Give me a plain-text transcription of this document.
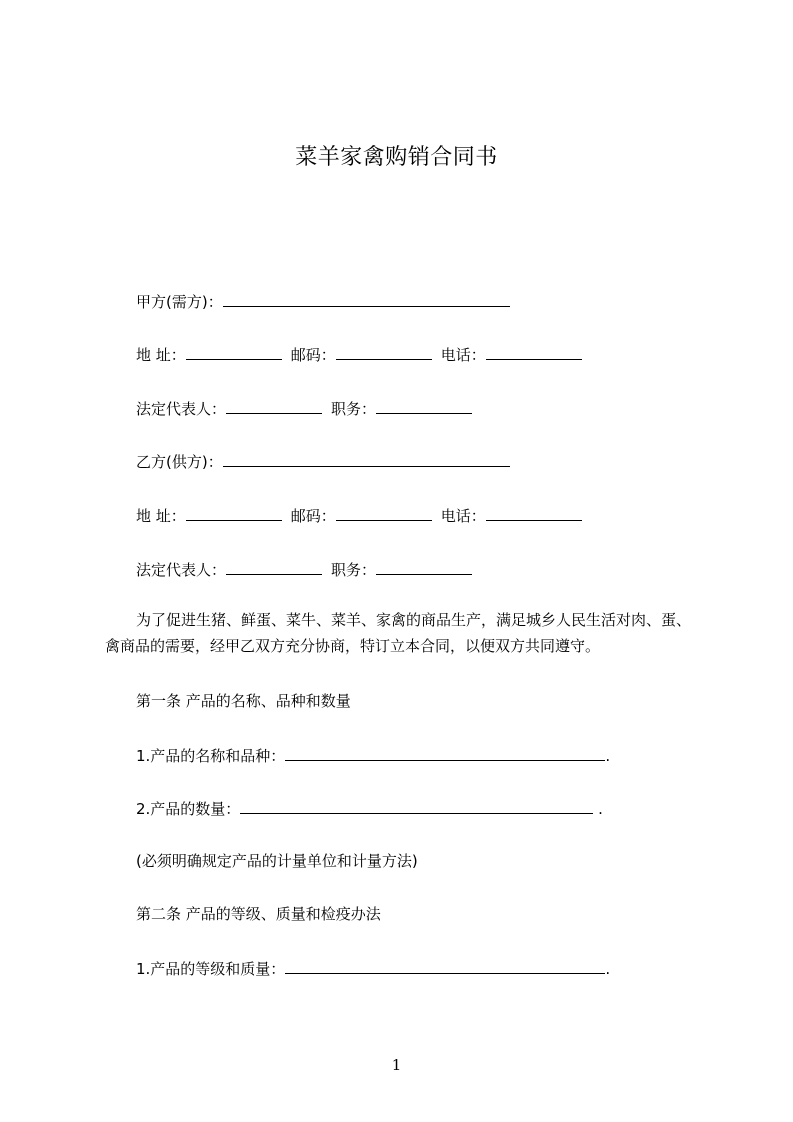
菜羊家禽购销合同书
甲方(需方)：
地 址：	邮码：	电话：
法定代表人：	职务：
乙方(供方)：
地 址：	邮码：	电话：
法定代表人：	职务：
为了促进生猪、鲜蛋、菜牛、菜羊、家禽的商品生产，满足城乡人民生活对肉、蛋、禽商品的需要，经甲乙双方充分协商，特订立本合同，以便双方共同遵守。
第一条 产品的名称、品种和数量
1.产品的名称和品种：	.
2.产品的数量：	.
(必须明确规定产品的计量单位和计量方法)
第二条 产品的等级、质量和检疫办法
1.产品的等级和质量：	.
1
